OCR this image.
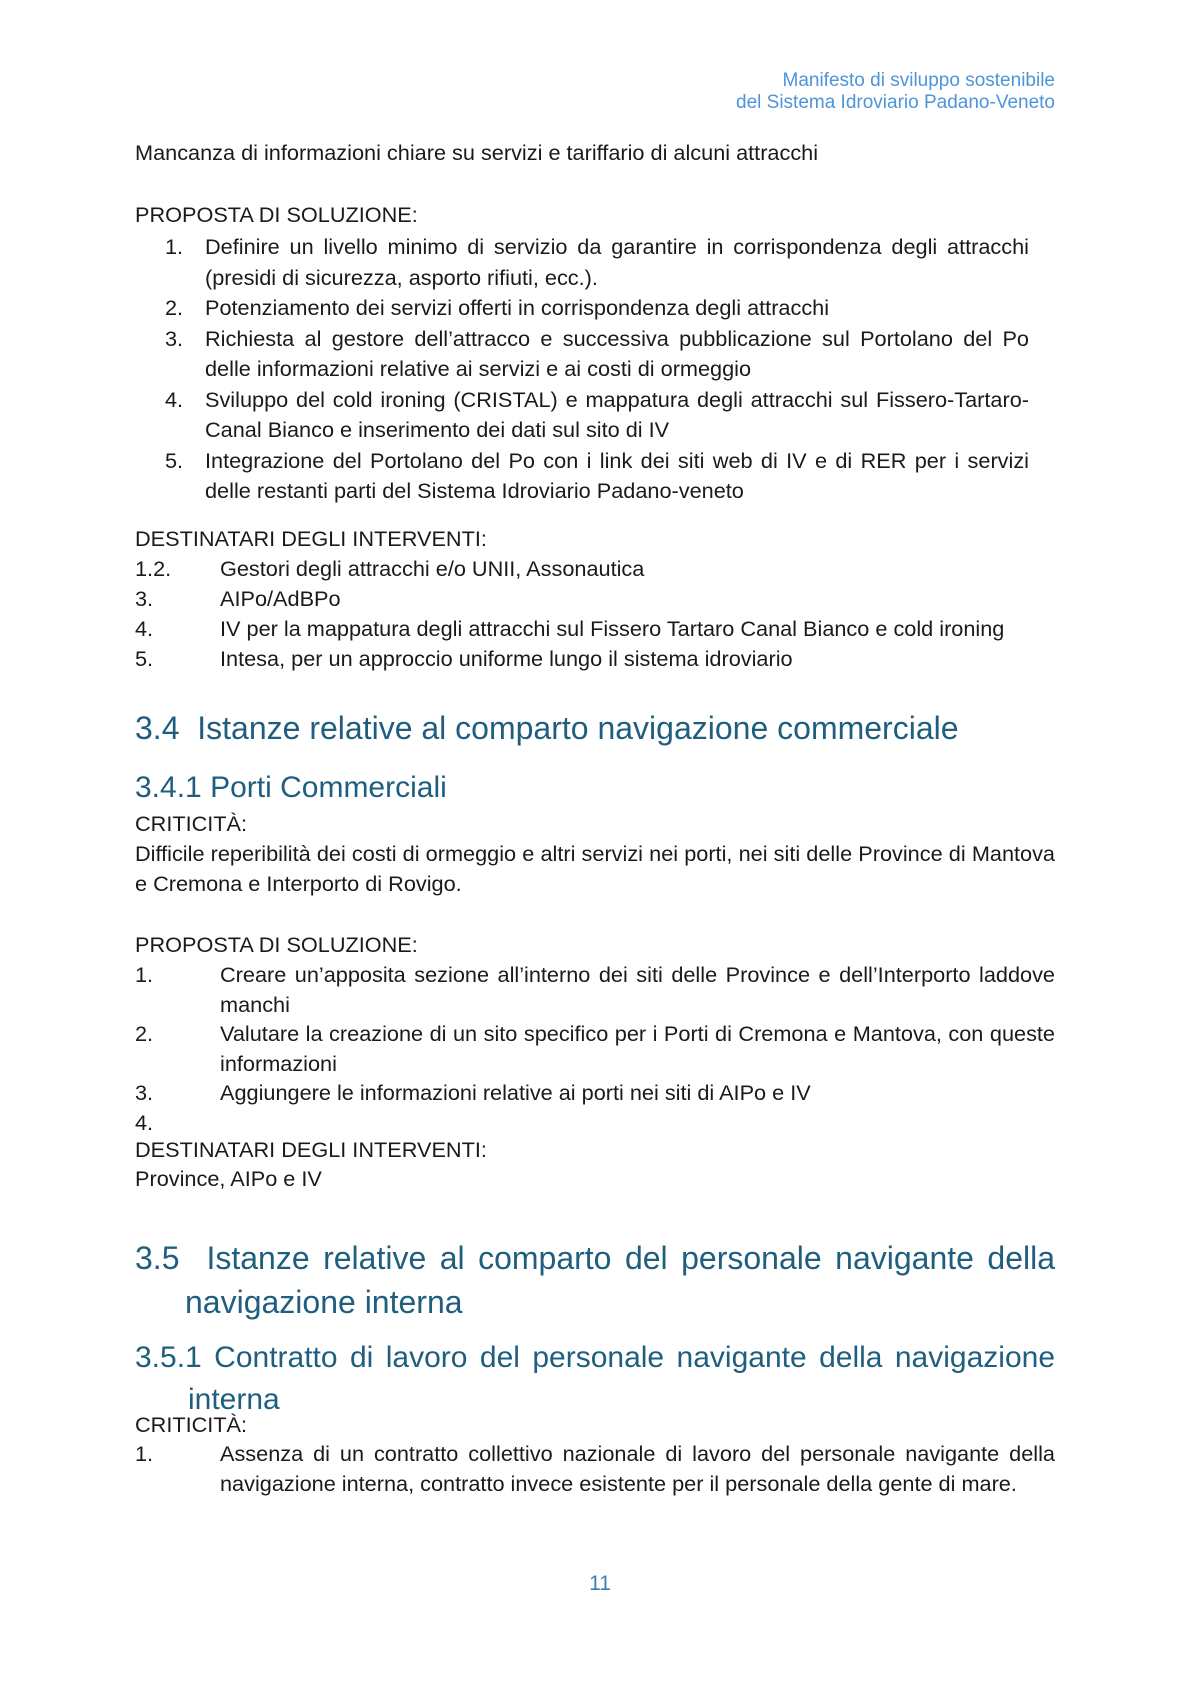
Manifesto di sviluppo sostenibile
del Sistema Idroviario Padano-Veneto
Mancanza di informazioni chiare su servizi e tariffario di alcuni attracchi
PROPOSTA DI SOLUZIONE:
1. Definire un livello minimo di servizio da garantire in corrispondenza degli attracchi (presidi di sicurezza, asporto rifiuti, ecc.).
2. Potenziamento dei servizi offerti in corrispondenza degli attracchi
3. Richiesta al gestore dell’attracco e successiva pubblicazione sul Portolano del Po delle informazioni relative ai servizi e ai costi di ormeggio
4. Sviluppo del cold ironing (CRISTAL) e mappatura degli attracchi sul Fissero-Tartaro-Canal Bianco e inserimento dei dati sul sito di IV
5. Integrazione del Portolano del Po con i link dei siti web di IV e di RER per i servizi delle restanti parti del Sistema Idroviario Padano-veneto
DESTINATARI DEGLI INTERVENTI:
1.2. Gestori degli attracchi e/o UNII, Assonautica
3.	AIPo/AdBPo
4.	IV per la mappatura degli attracchi sul Fissero Tartaro Canal Bianco e cold ironing
5.	Intesa, per un approccio uniforme lungo il sistema idroviario
3.4 Istanze relative al comparto navigazione commerciale
3.4.1 Porti Commerciali
CRITICITÀ:
Difficile reperibilità dei costi di ormeggio e altri servizi nei porti, nei siti delle Province di Mantova e Cremona e Interporto di Rovigo.
PROPOSTA DI SOLUZIONE:
1.	Creare un’apposita sezione all’interno dei siti delle Province e dell’Interporto laddove manchi
2.	Valutare la creazione di un sito specifico per i Porti di Cremona e Mantova, con queste informazioni
3.	Aggiungere le informazioni relative ai porti nei siti di AIPo e IV
4.
DESTINATARI DEGLI INTERVENTI:
Province, AIPo e IV
3.5 Istanze relative al comparto del personale navigante della navigazione interna
3.5.1 Contratto di lavoro del personale navigante della navigazione interna
CRITICITÀ:
1.	Assenza di un contratto collettivo nazionale di lavoro del personale navigante della navigazione interna, contratto invece esistente per il personale della gente di mare.
11
